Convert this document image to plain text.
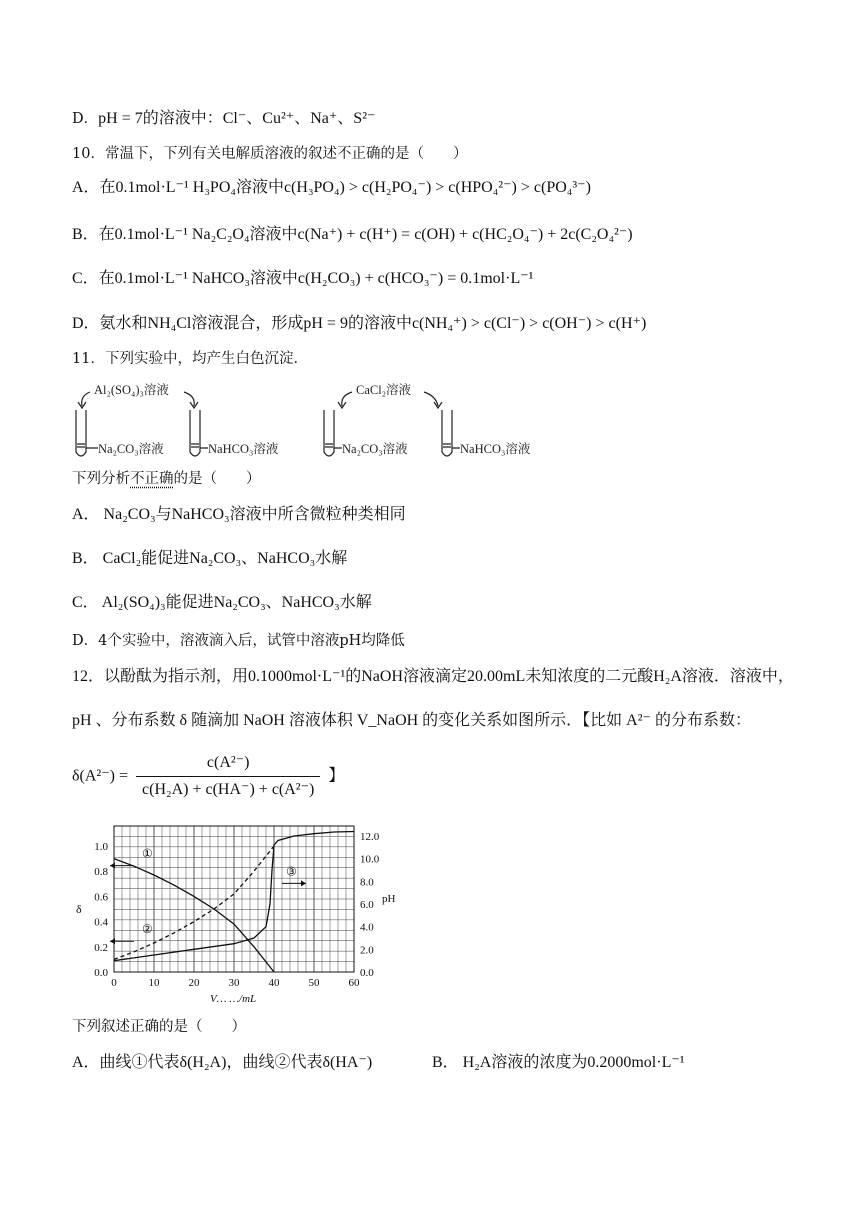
D．pH = 7的溶液中：Cl⁻、Cu²⁺、Na⁺、S²⁻
10．常温下，下列有关电解质溶液的叙述不正确的是（　　）
A．在0.1mol·L⁻¹ H₃PO₄溶液中c(H₃PO₄) > c(H₂PO₄⁻) > c(HPO₄²⁻) > c(PO₄³⁻)
B．在0.1mol·L⁻¹ Na₂C₂O₄溶液中c(Na⁺) + c(H⁺) = c(OH) + c(HC₂O₄⁻) + 2c(C₂O₄²⁻)
C．在0.1mol·L⁻¹ NaHCO₃溶液中c(H₂CO₃) + c(HCO₃⁻) = 0.1mol·L⁻¹
D．氨水和NH₄Cl溶液混合，形成pH = 9的溶液中c(NH₄⁺) > c(Cl⁻) > c(OH⁻) > c(H⁺)
11．下列实验中，均产生白色沉淀．
Al₂(SO₄)₃溶液	CaCl₂溶液
Na₂CO₃溶液	NaHCO₃溶液	Na₂CO₃溶液	NaHCO₃溶液
下列分析不正确的是（　　）
A． Na₂CO₃与NaHCO₃溶液中所含微粒种类相同
B． CaCl₂能促进Na₂CO₃、NaHCO₃水解
C． Al₂(SO₄)₃能促进Na₂CO₃、NaHCO₃水解
D．4个实验中，溶液滴入后，试管中溶液pH均降低
12．以酚酞为指示剂，用0.1000mol·L⁻¹的NaOH溶液滴定20.00mL未知浓度的二元酸H₂A溶液．溶液中，
pH 、分布系数 δ 随滴加 NaOH 溶液体积 V_NaOH 的变化关系如图所示．【比如 A²⁻ 的分布系数：
$\delta(A^{2-}) = \frac{\text{c(A²⁻)}}{\text{c(H₂A) + c(HA⁻) + c(A²⁻)}}$ 】
0	10	20	30	40	50	60
0.0
0.2
0.4
0.6
0.8
1.0
0.0
2.0
4.0
6.0
8.0
10.0
12.0
V… …/mL
δ
pH
①
②
③
下列叙述正确的是（　　）
A．曲线①代表δ(H₂A)，曲线②代表δ(HA⁻)	B． H₂A溶液的浓度为0.2000mol·L⁻¹
